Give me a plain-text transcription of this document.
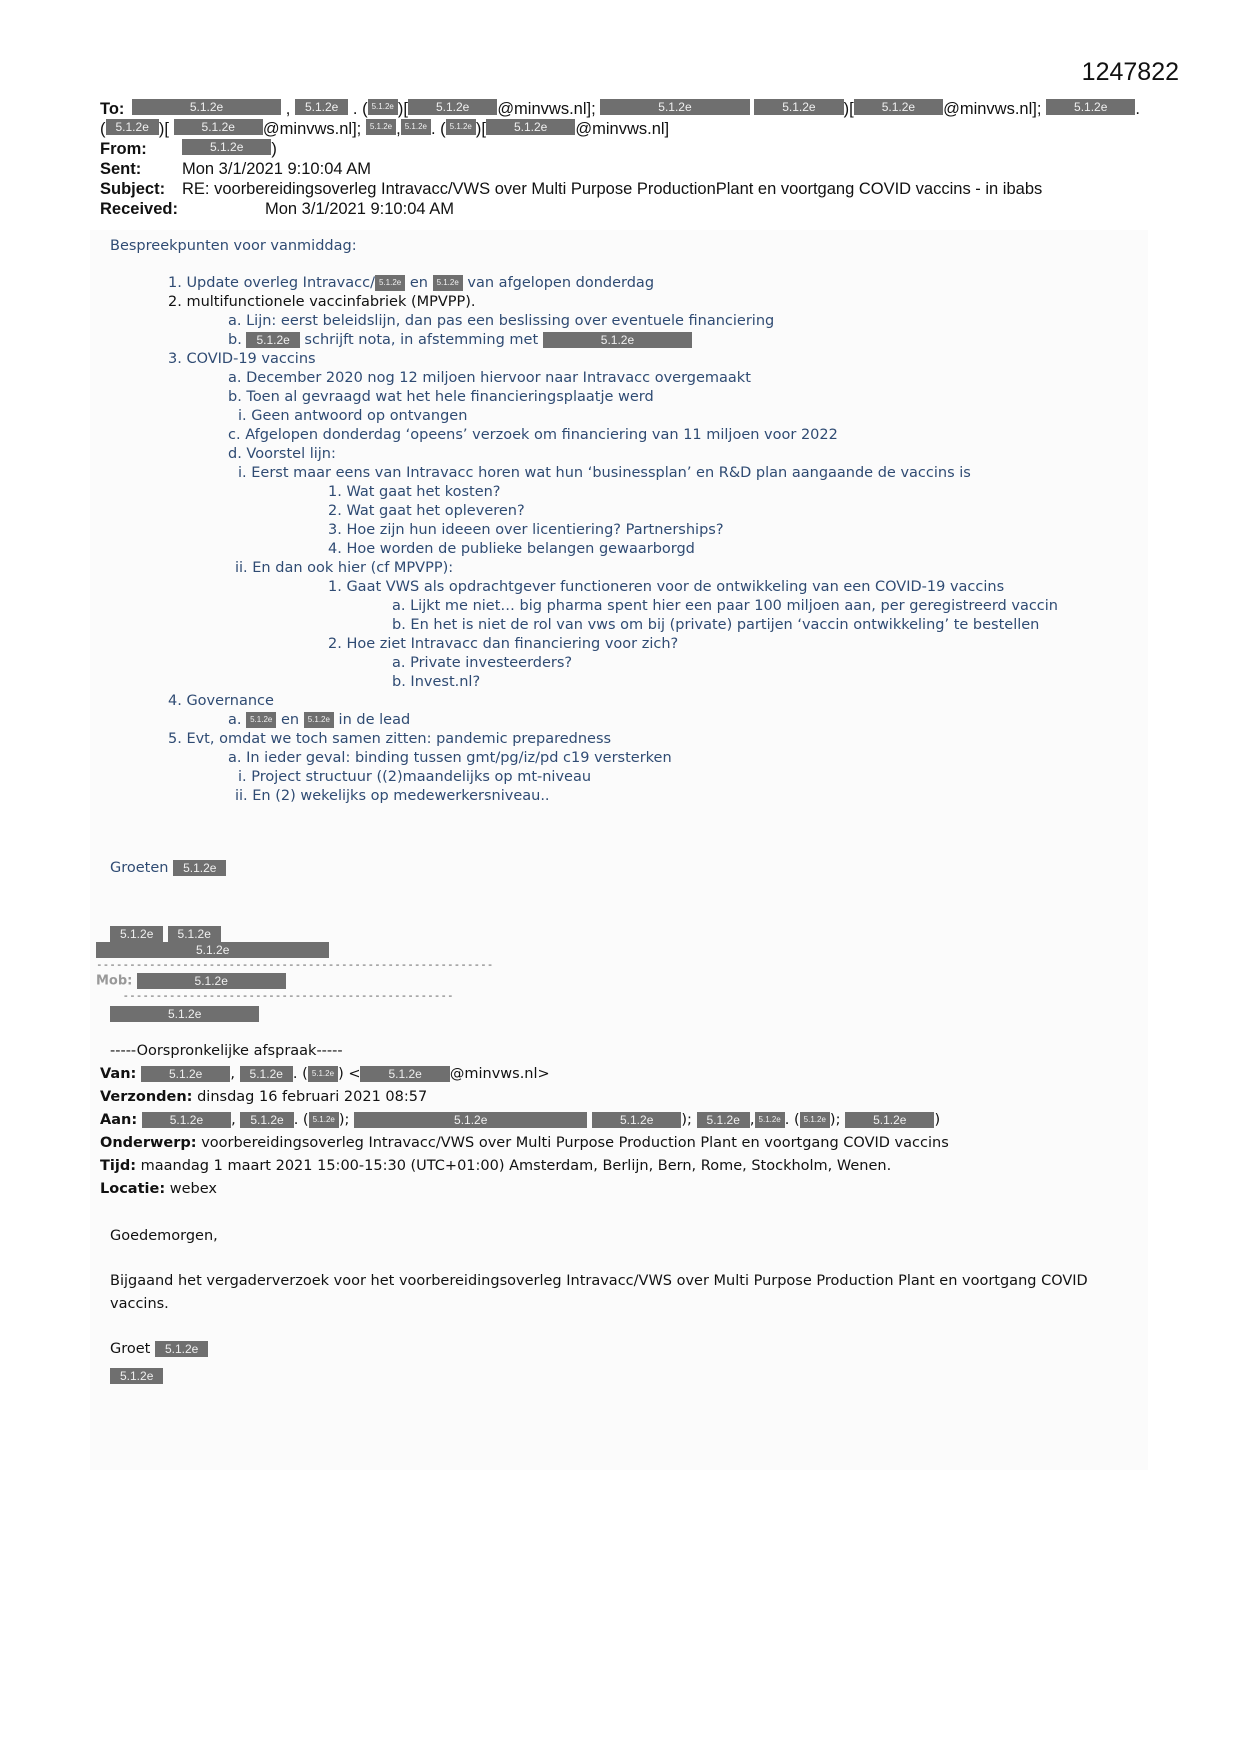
1247822
To:	5.1.2e	, 5.1.2e . ( 5.1.2e )[	5.1.2e	@minvws.nl];
	5.1.2e
	5.1.2e	)[	5.1.2e	@minvws.nl];
	5.1.2e	.
( 5.1.2e )[	5.1.2e	@minvws.nl];
	5.1.2e , 5.1.2e . ( 5.1.2e )[	5.1.2e	@minvws.nl]
From:	5.1.2e	)
Sent:	Mon 3/1/2021 9:10:04 AM
Subject:	RE: voorbereidingsoverleg Intravacc/VWS over Multi Purpose ProductionPlant en voortgang COVID vaccins - in ibabs
Received:	Mon 3/1/2021 9:10:04 AM
Bespreekpunten voor vanmiddag:
1. Update overleg Intravacc/ 5.1.2e en 5.1.2e van afgelopen donderdag
2. multifunctionele vaccinfabriek (MPVPP).
a. Lijn: eerst beleidslijn, dan pas een beslissing over eventuele financiering
b. 5.1.2e schrijft nota, in afstemming met	5.1.2e
3. COVID-19 vaccins
a. December 2020 nog 12 miljoen hiervoor naar Intravacc overgemaakt
b. Toen al gevraagd wat het hele financieringsplaatje werd
i. Geen antwoord op ontvangen
c. Afgelopen donderdag ‘opeens’ verzoek om financiering van 11 miljoen voor 2022
d. Voorstel lijn:
i. Eerst maar eens van Intravacc horen wat hun ‘businessplan’ en R&D plan aangaande de vaccins is
1. Wat gaat het kosten?
2. Wat gaat het opleveren?
3. Hoe zijn hun ideeen over licentiering? Partnerships?
4. Hoe worden de publieke belangen gewaarborgd
ii. En dan ook hier (cf MPVPP):
1. Gaat VWS als opdrachtgever functioneren voor de ontwikkeling van een COVID-19 vaccins
a. Lijkt me niet… big pharma spent hier een paar 100 miljoen aan, per geregistreerd vaccin
b. En het is niet de rol van vws om bij (private) partijen ‘vaccin ontwikkeling’ te bestellen
2. Hoe ziet Intravacc dan financiering voor zich?
a. Private investeerders?
b. Invest.nl?
4. Governance
a. 5.1.2e en 5.1.2e in de lead
5. Evt, omdat we toch samen zitten: pandemic preparedness
a. In ieder geval: binding tussen gmt/pg/iz/pd c19 versterken
i. Project structuur ((2)maandelijks op mt-niveau
ii. En (2) wekelijks op medewerkersniveau..
Groeten 5.1.2e
5.1.2e 5.1.2e
5.1.2e
------------------------------------------------------------
Mob:	5.1.2e
--------------------------------------------------
5.1.2e
-----Oorspronkelijke afspraak-----
Van:	5.1.2e , 5.1.2e . ( 5.1.2e ) < 5.1.2e @minvws.nl>
Verzonden: dinsdag 16 februari 2021 08:57
Aan:	5.1.2e , 5.1.2e . ( 5.1.2e );	5.1.2e	5.1.2e ); 5.1.2e , 5.1.2e . ( 5.1.2e ); 5.1.2e )
Onderwerp: voorbereidingsoverleg Intravacc/VWS over Multi Purpose Production Plant en voortgang COVID vaccins
Tijd: maandag 1 maart 2021 15:00-15:30 (UTC+01:00) Amsterdam, Berlijn, Bern, Rome, Stockholm, Wenen.
Locatie: webex
Goedemorgen,
Bijgaand het vergaderverzoek voor het voorbereidingsoverleg Intravacc/VWS over Multi Purpose Production Plant en voortgang COVID vaccins.
Groet 5.1.2e
5.1.2e
